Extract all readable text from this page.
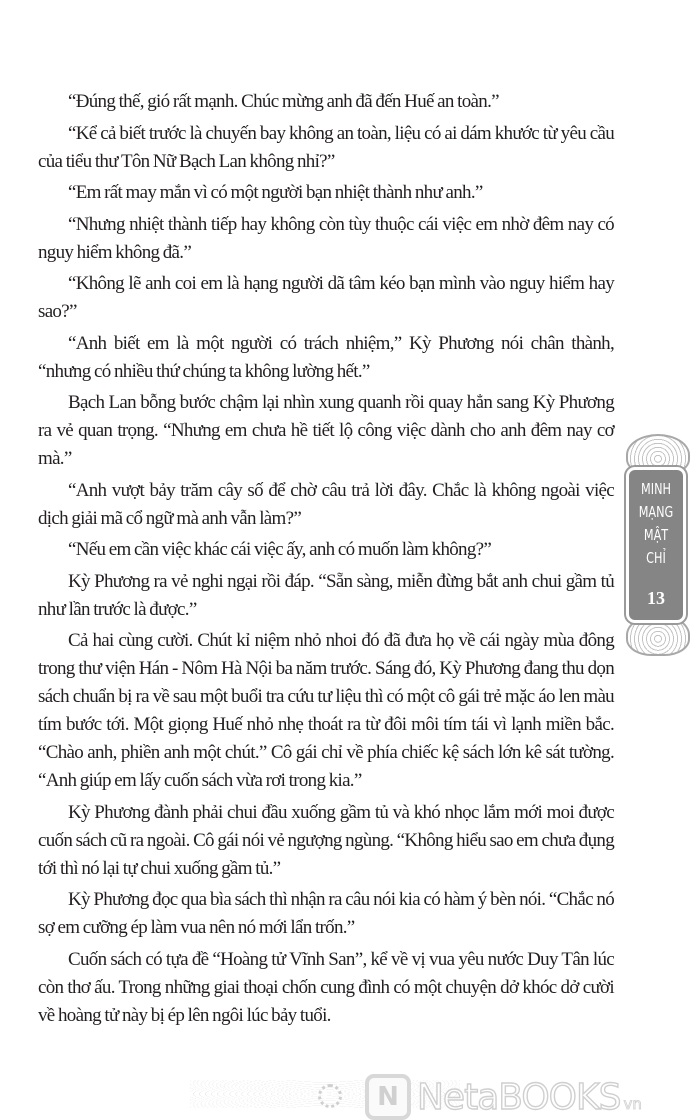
“Đúng thế, gió rất mạnh. Chúc mừng anh đã đến Huế an toàn.”

“Kể cả biết trước là chuyến bay không an toàn, liệu có ai dám khước từ yêu cầu của tiểu thư Tôn Nữ Bạch Lan không nhỉ?”

“Em rất may mắn vì có một người bạn nhiệt thành như anh.”

“Nhưng nhiệt thành tiếp hay không còn tùy thuộc cái việc em nhờ đêm nay có nguy hiểm không đã.”

“Không lẽ anh coi em là hạng người dã tâm kéo bạn mình vào nguy hiểm hay sao?”

“Anh biết em là một người có trách nhiệm,” Kỳ Phương nói chân thành, “nhưng có nhiều thứ chúng ta không lường hết.”

Bạch Lan bỗng bước chậm lại nhìn xung quanh rồi quay hẳn sang Kỳ Phương ra vẻ quan trọng. “Nhưng em chưa hề tiết lộ công việc dành cho anh đêm nay cơ mà.”

“Anh vượt bảy trăm cây số để chờ câu trả lời đây. Chắc là không ngoài việc dịch giải mã cổ ngữ mà anh vẫn làm?”

“Nếu em cần việc khác cái việc ấy, anh có muốn làm không?”

Kỳ Phương ra vẻ nghi ngại rồi đáp. “Sẵn sàng, miễn đừng bắt anh chui gầm tủ như lần trước là được.”

Cả hai cùng cười. Chút kỉ niệm nhỏ nhoi đó đã đưa họ về cái ngày mùa đông trong thư viện Hán - Nôm Hà Nội ba năm trước. Sáng đó, Kỳ Phương đang thu dọn sách chuẩn bị ra về sau một buổi tra cứu tư liệu thì có một cô gái trẻ mặc áo len màu tím bước tới. Một giọng Huế nhỏ nhẹ thoát ra từ đôi môi tím tái vì lạnh miền bắc. “Chào anh, phiền anh một chút.” Cô gái chỉ về phía chiếc kệ sách lớn kê sát tường. “Anh giúp em lấy cuốn sách vừa rơi trong kia.”

Kỳ Phương đành phải chui đầu xuống gầm tủ và khó nhọc lắm mới moi được cuốn sách cũ ra ngoài. Cô gái nói vẻ ngượng ngùng. “Không hiểu sao em chưa đụng tới thì nó lại tự chui xuống gầm tủ.”

Kỳ Phương đọc qua bìa sách thì nhận ra câu nói kia có hàm ý bèn nói. “Chắc nó sợ em cưỡng ép làm vua nên nó mới lẩn trốn.”

Cuốn sách có tựa đề “Hoàng tử Vĩnh San”, kể về vị vua yêu nước Duy Tân lúc còn thơ ấu. Trong những giai thoại chốn cung đình có một chuyện dở khóc dở cười về hoàng tử này bị ép lên ngôi lúc bảy tuổi.

MINH
MẠNG
MẬT
CHỈ
13
N NetaBOOKS vn
